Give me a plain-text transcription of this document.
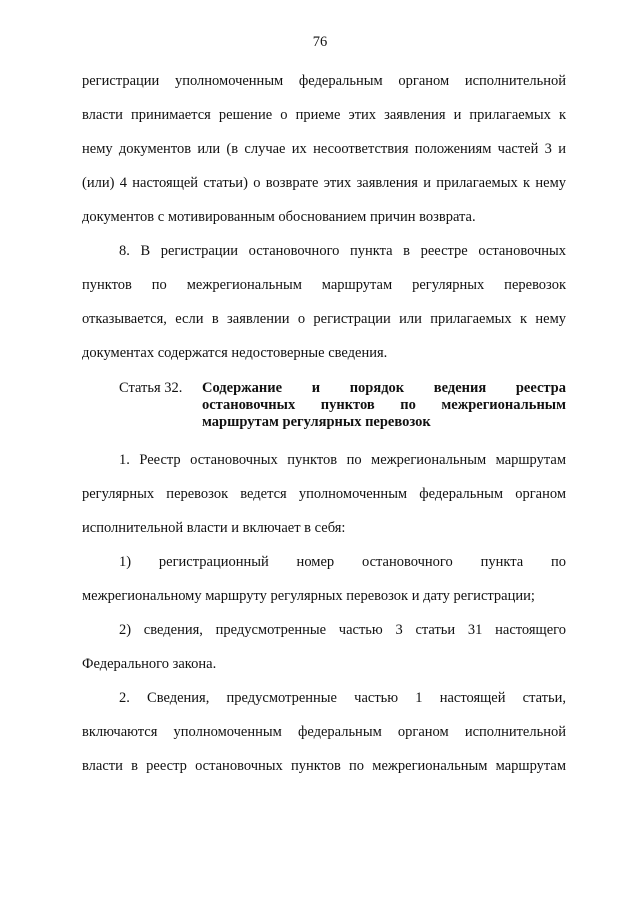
76

регистрации уполномоченным федеральным органом исполнительной
власти принимается решение о приеме этих заявления и прилагаемых к
нему документов или (в случае их несоответствия положениям частей 3 и
(или) 4 настоящей статьи) о возврате этих заявления и прилагаемых к нему
документов с мотивированным обоснованием причин возврата.

8. В регистрации остановочного пункта в реестре остановочных
пунктов по межрегиональным маршрутам регулярных перевозок
отказывается, если в заявлении о регистрации или прилагаемых к нему
документах содержатся недостоверные сведения.

Статья 32.	Содержание и порядок ведения реестра
остановочных пунктов по межрегиональным
маршрутам регулярных перевозок

1. Реестр остановочных пунктов по межрегиональным маршрутам
регулярных перевозок ведется уполномоченным федеральным органом
исполнительной власти и включает в себя:

1) регистрационный номер остановочного пункта по
межрегиональному маршруту регулярных перевозок и дату регистрации;

2) сведения, предусмотренные частью 3 статьи 31 настоящего
Федерального закона.

2. Сведения, предусмотренные частью 1 настоящей статьи,
включаются уполномоченным федеральным органом исполнительной
власти в реестр остановочных пунктов по межрегиональным маршрутам
